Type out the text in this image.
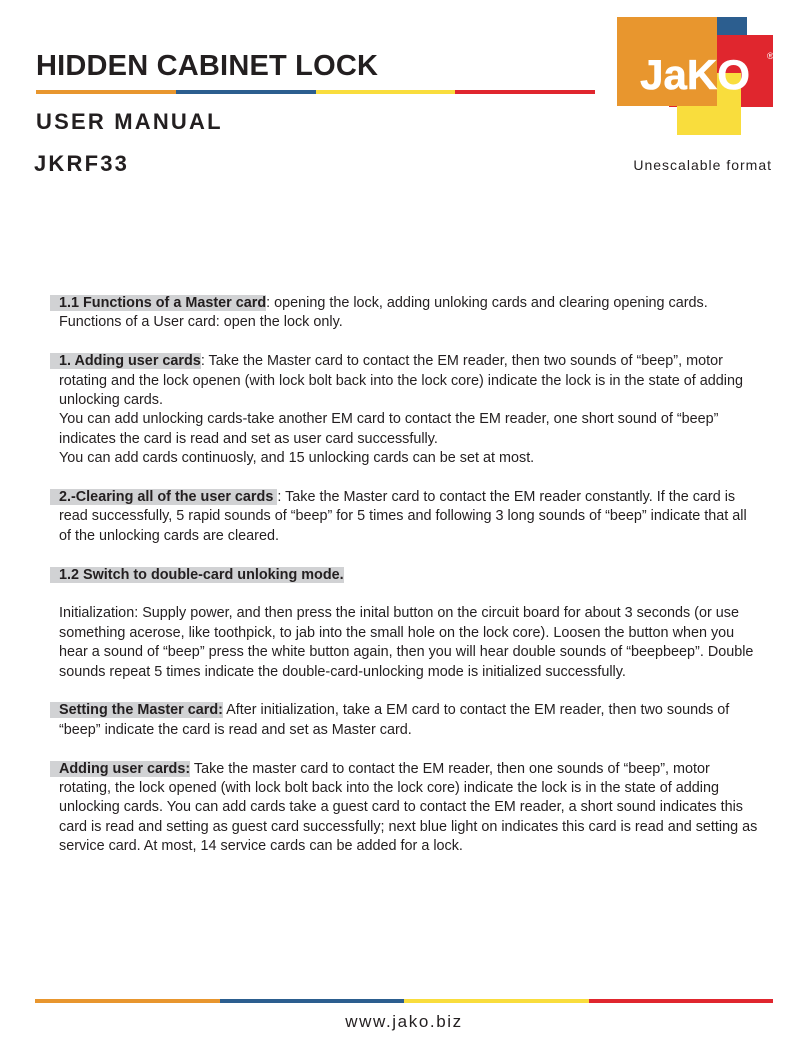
HIDDEN CABINET LOCK
USER MANUAL
JKRF33	Unescalable format
JaKO ®

1.1 Functions of a Master card: opening the lock, adding unloking cards and clearing opening cards. Functions of a User card: open the lock only.

1. Adding user cards: Take the Master card to contact the EM reader, then two sounds of “beep”, motor rotating and the lock openen (with lock bolt back into the lock core) indicate the lock is in the state of adding unlocking cards.
You can add unlocking cards-take another EM card to contact the EM reader, one short sound of “beep” indicates the card is read and set as user card successfully.
You can add cards continuosly, and 15 unlocking cards can be set at most.

2.-Clearing all of the user cards : Take the Master card to contact the EM reader constantly. If the card is read successfully, 5 rapid sounds of “beep” for 5 times and following 3 long sounds of “beep” indicate that all of the unlocking cards are cleared.

1.2 Switch to double-card unloking mode.

Initialization: Supply power, and then press the inital button on the circuit board for about 3 seconds (or use something acerose, like toothpick, to jab into the small hole on the lock core). Loosen the button when you hear a sound of “beep” press the white button again, then you will hear double sounds of “beepbeep”. Double sounds repeat 5 times indicate the double-card-unlocking mode is initialized successfully.

Setting the Master card: After initialization, take a EM card to contact the EM reader, then two sounds of “beep” indicate the card is read and set as Master card.

Adding user cards: Take the master card to contact the EM reader, then one sounds of “beep”, motor rotating, the lock opened (with lock bolt back into the lock core) indicate the lock is in the state of adding unlocking cards. You can add cards take a guest card to contact the EM reader, a short sound indicates this card is read and setting as guest card successfully; next blue light on indicates this card is read and setting as service card. At most, 14 service cards can be added for a lock.

www.jako.biz
